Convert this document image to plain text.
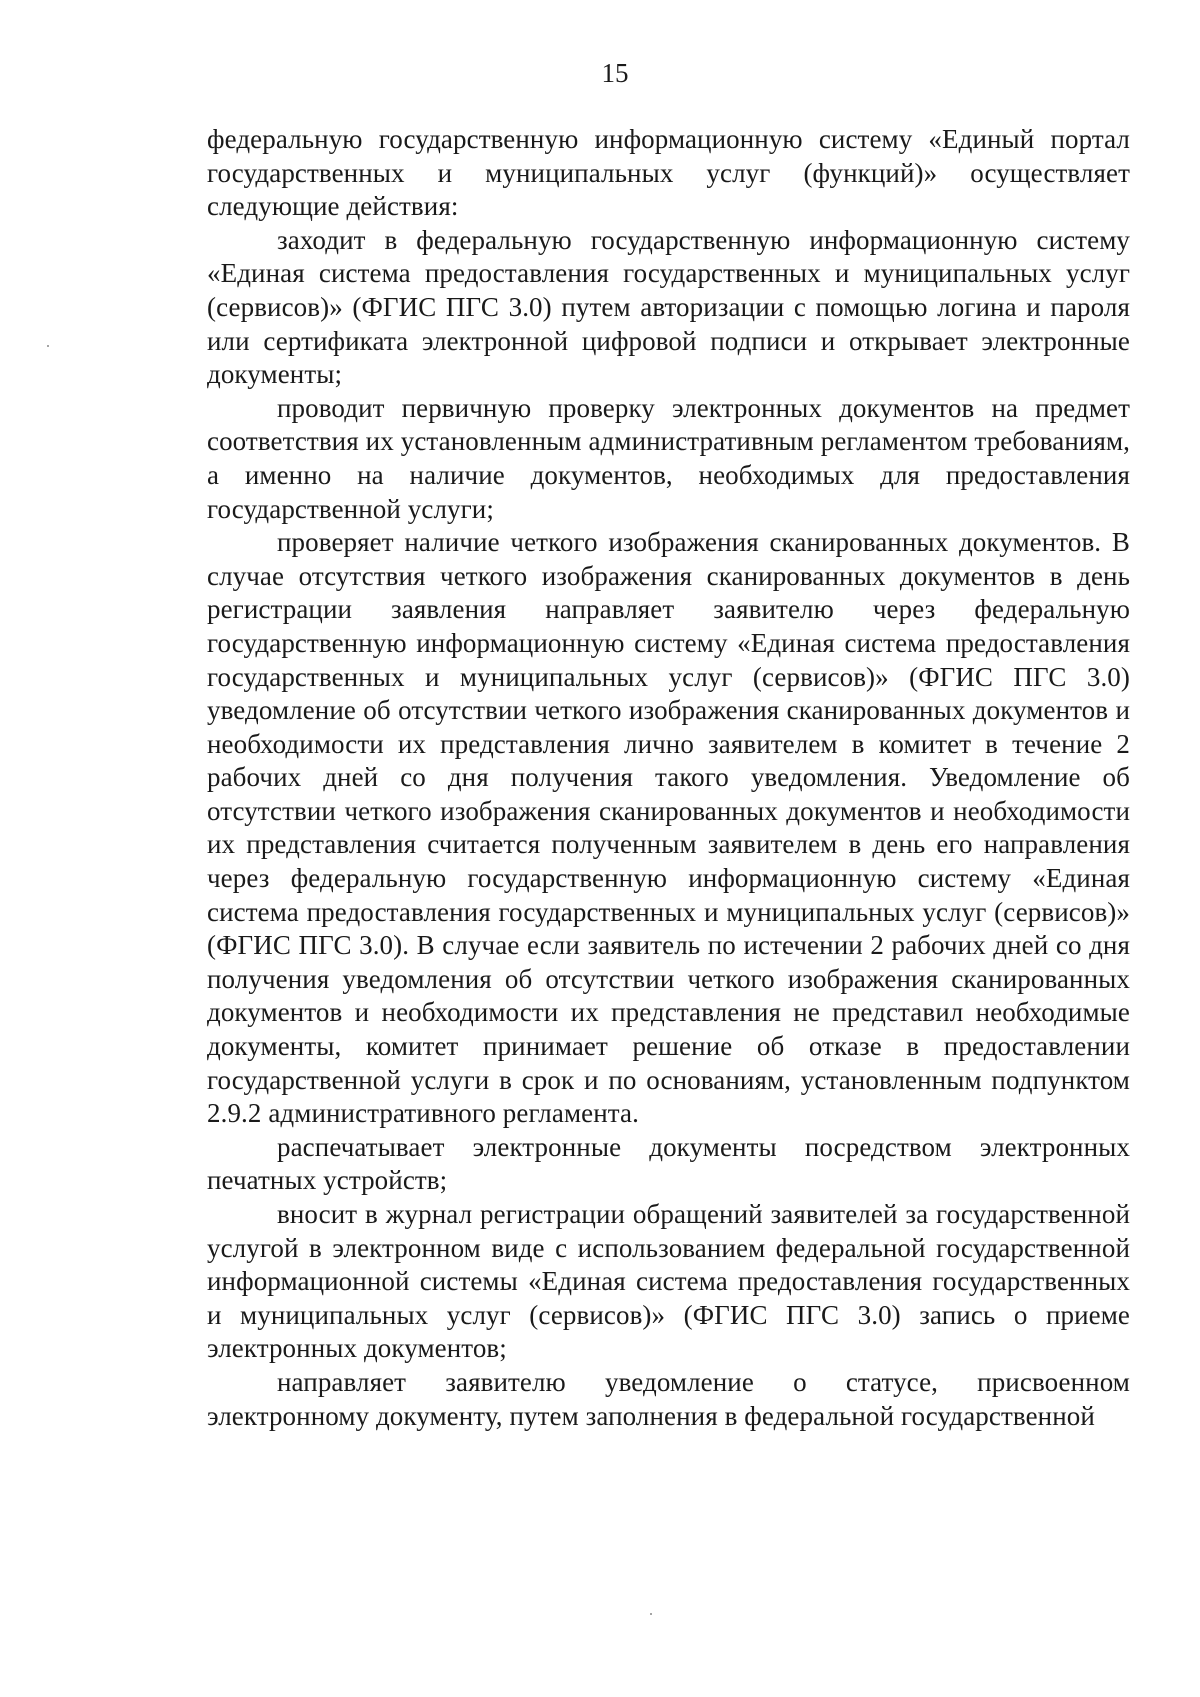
15

федеральную государственную информационную систему «Единый портал государственных и муниципальных услуг (функций)» осуществляет следующие действия:

заходит в федеральную государственную информационную систему «Единая система предоставления государственных и муниципальных услуг (сервисов)» (ФГИС ПГС 3.0) путем авторизации с помощью логина и пароля или сертификата электронной цифровой подписи и открывает электронные документы;

проводит первичную проверку электронных документов на предмет соответствия их установленным административным регламентом требованиям, а именно на наличие документов, необходимых для предоставления государственной услуги;

проверяет наличие четкого изображения сканированных документов. В случае отсутствия четкого изображения сканированных документов в день регистрации заявления направляет заявителю через федеральную государственную информационную систему «Единая система предоставления государственных и муниципальных услуг (сервисов)» (ФГИС ПГС 3.0) уведомление об отсутствии четкого изображения сканированных документов и необходимости их представления лично заявителем в комитет в течение 2 рабочих дней со дня получения такого уведомления. Уведомление об отсутствии четкого изображения сканированных документов и необходимости их представления считается полученным заявителем в день его направления через федеральную государственную информационную систему «Единая система предоставления государственных и муниципальных услуг (сервисов)» (ФГИС ПГС 3.0). В случае если заявитель по истечении 2 рабочих дней со дня получения уведомления об отсутствии четкого изображения сканированных документов и необходимости их представления не представил необходимые документы, комитет принимает решение об отказе в предоставлении государственной услуги в срок и по основаниям, установленным подпунктом 2.9.2 административного регламента.

распечатывает электронные документы посредством электронных печатных устройств;

вносит в журнал регистрации обращений заявителей за государственной услугой в электронном виде с использованием федеральной государственной информационной системы «Единая система предоставления государственных и муниципальных услуг (сервисов)» (ФГИС ПГС 3.0) запись о приеме электронных документов;

направляет заявителю уведомление о статусе, присвоенном электронному документу, путем заполнения в федеральной государственной
